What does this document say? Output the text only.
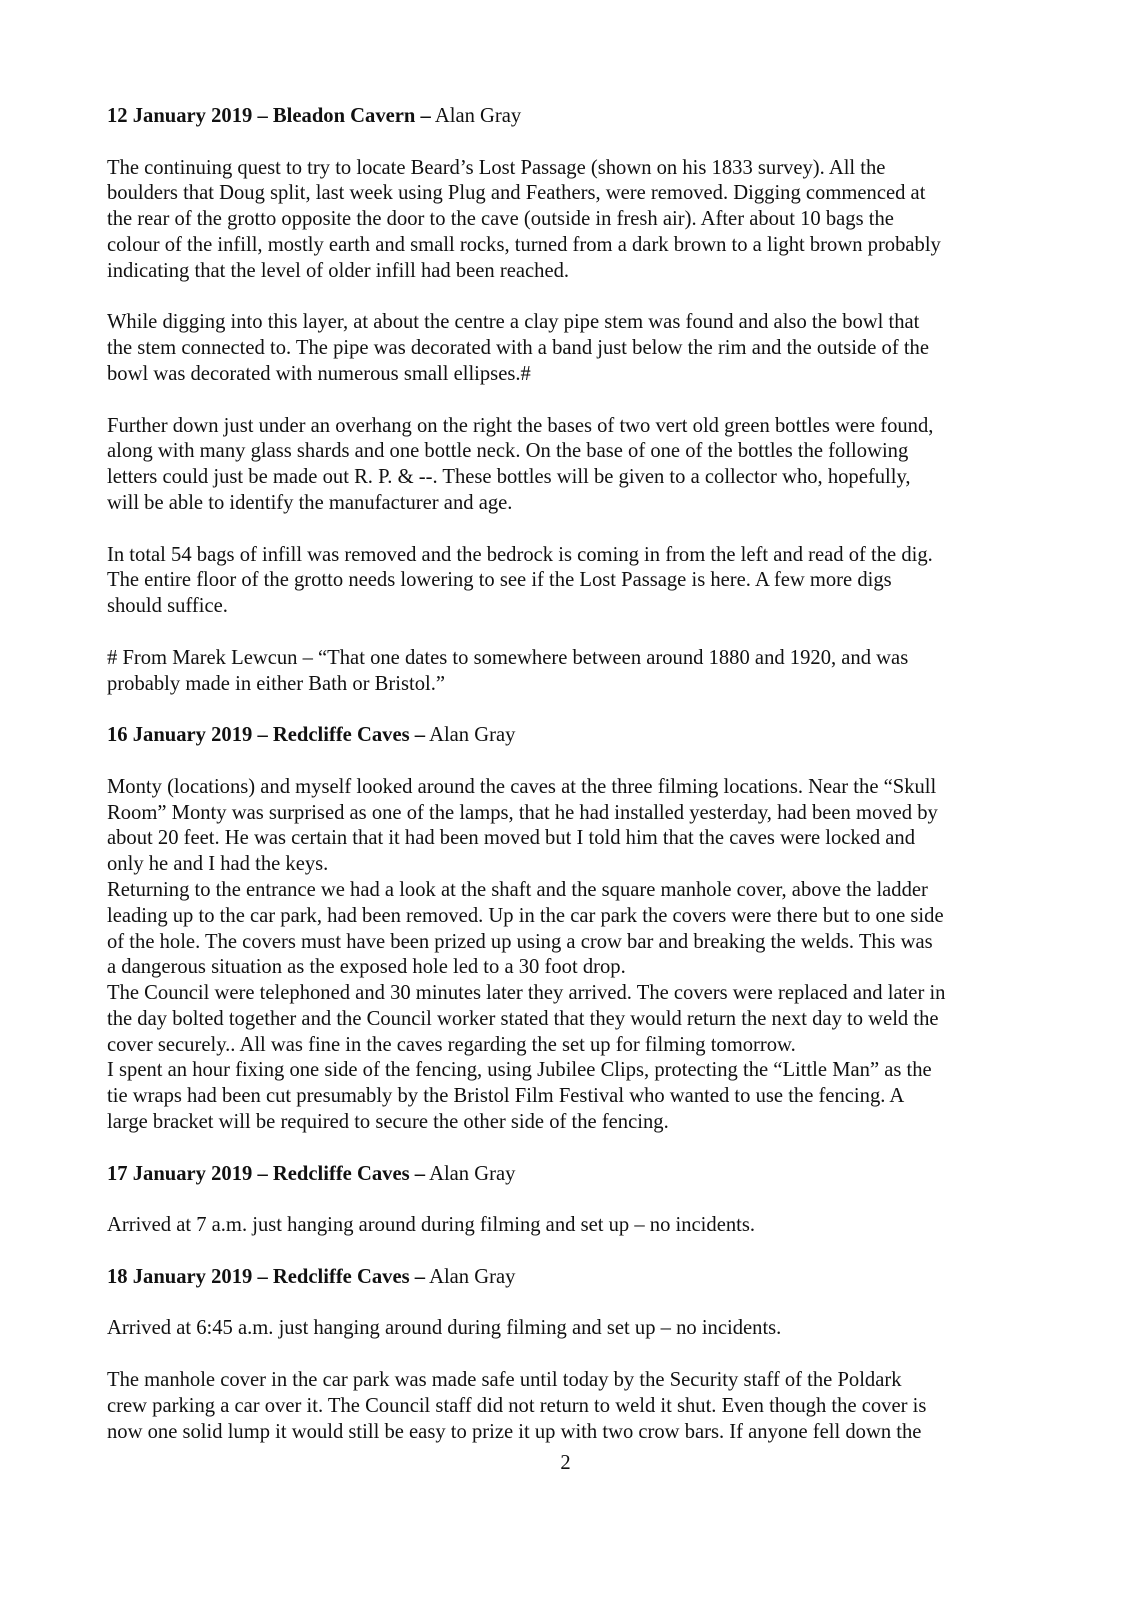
12 January 2019 – Bleadon Cavern – Alan Gray

The continuing quest to try to locate Beard’s Lost Passage (shown on his 1833 survey). All the
boulders that Doug split, last week using Plug and Feathers, were removed. Digging commenced at
the rear of the grotto opposite the door to the cave (outside in fresh air). After about 10 bags the
colour of the infill, mostly earth and small rocks, turned from a dark brown to a light brown probably
indicating that the level of older infill had been reached.

While digging into this layer, at about the centre a clay pipe stem was found and also the bowl that
the stem connected to. The pipe was decorated with a band just below the rim and the outside of the
bowl was decorated with numerous small ellipses.#

Further down just under an overhang on the right the bases of two vert old green bottles were found,
along with many glass shards and one bottle neck. On the base of one of the bottles the following
letters could just be made out R. P. & --. These bottles will be given to a collector who, hopefully,
will be able to identify the manufacturer and age.

In total 54 bags of infill was removed and the bedrock is coming in from the left and read of the dig.
The entire floor of the grotto needs lowering to see if the Lost Passage is here. A few more digs
should suffice.

# From Marek Lewcun – “That one dates to somewhere between around 1880 and 1920, and was
probably made in either Bath or Bristol.”

16 January 2019 – Redcliffe Caves – Alan Gray

Monty (locations) and myself looked around the caves at the three filming locations. Near the “Skull
Room” Monty was surprised as one of the lamps, that he had installed yesterday, had been moved by
about 20 feet. He was certain that it had been moved but I told him that the caves were locked and
only he and I had the keys.

Returning to the entrance we had a look at the shaft and the square manhole cover, above the ladder
leading up to the car park, had been removed. Up in the car park the covers were there but to one side
of the hole. The covers must have been prized up using a crow bar and breaking the welds. This was
a dangerous situation as the exposed hole led to a 30 foot drop.

The Council were telephoned and 30 minutes later they arrived. The covers were replaced and later in
the day bolted together and the Council worker stated that they would return the next day to weld the
cover securely.. All was fine in the caves regarding the set up for filming tomorrow.

I spent an hour fixing one side of the fencing, using Jubilee Clips, protecting the “Little Man” as the
tie wraps had been cut presumably by the Bristol Film Festival who wanted to use the fencing. A
large bracket will be required to secure the other side of the fencing.

17 January 2019 – Redcliffe Caves – Alan Gray

Arrived at 7 a.m. just hanging around during filming and set up – no incidents.

18 January 2019 – Redcliffe Caves – Alan Gray

Arrived at 6:45 a.m. just hanging around during filming and set up – no incidents.

The manhole cover in the car park was made safe until today by the Security staff of the Poldark
crew parking a car over it. The Council staff did not return to weld it shut. Even though the cover is
now one solid lump it would still be easy to prize it up with two crow bars. If anyone fell down the

2
